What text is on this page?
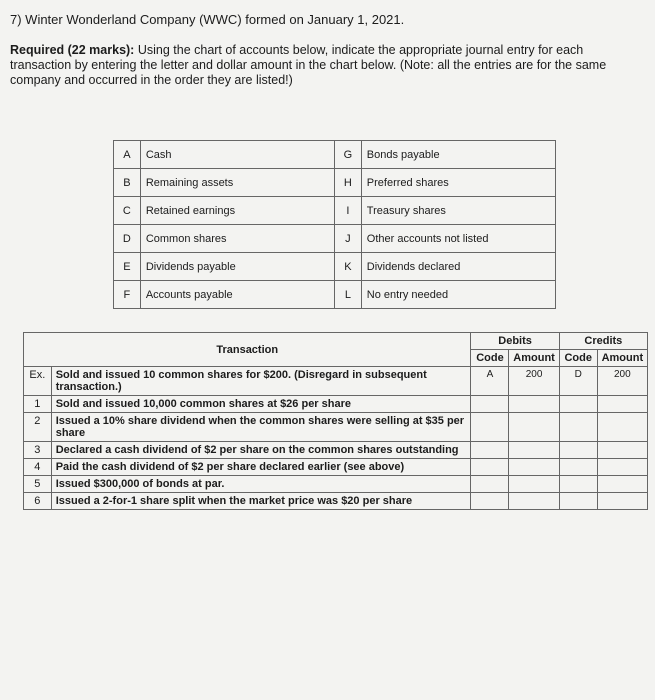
7) Winter Wonderland Company (WWC) formed on January 1, 2021.

Required (22 marks): Using the chart of accounts below, indicate the appropriate journal entry for each transaction by entering the letter and dollar amount in the chart below. (Note: all the entries are for the same company and occurred in the order they are listed!)
A	Cash	G	Bonds payable
B	Remaining assets	H	Preferred shares
C	Retained earnings	I	Treasury shares
D	Common shares	J	Other accounts not listed
E	Dividends payable	K	Dividends declared
F	Accounts payable	L	No entry needed
Transaction		Debits		Credits	
		Code	Amount	Code	Amount
Ex.	Sold and issued 10 common shares for $200. (Disregard in subsequent transaction.)	A	200	D	200
1	Sold and issued 10,000 common shares at $26 per share				
2	Issued a 10% share dividend when the common shares were selling at $35 per share				
3	Declared a cash dividend of $2 per share on the common shares outstanding				
4	Paid the cash dividend of $2 per share declared earlier (see above)				
5	Issued $300,000 of bonds at par.				
6	Issued a 2-for-1 share split when the market price was $20 per share				
